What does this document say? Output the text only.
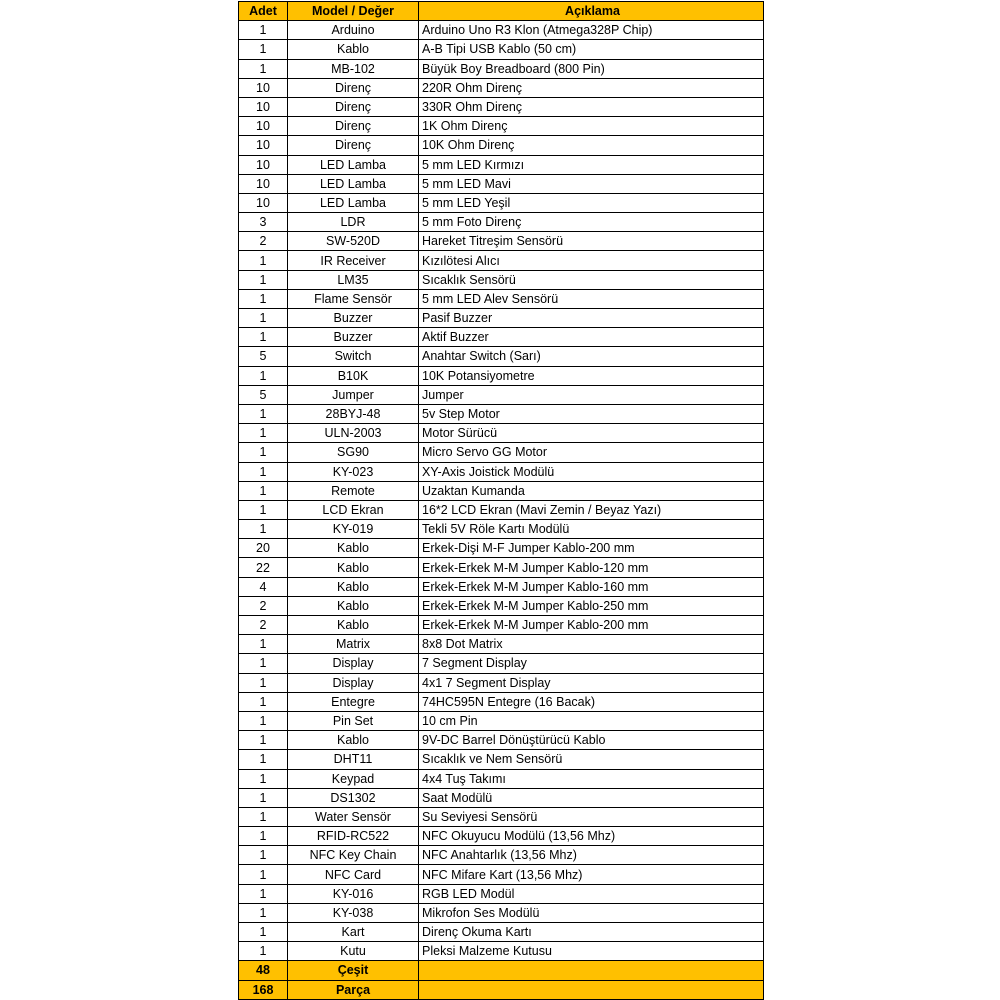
Adet	Model / Değer	Açıklama
1	Arduino	Arduino Uno R3 Klon (Atmega328P Chip)
1	Kablo	A-B Tipi USB Kablo (50 cm)
1	MB-102	Büyük Boy Breadboard (800 Pin)
10	Direnç	220R Ohm Direnç
10	Direnç	330R Ohm Direnç
10	Direnç	1K Ohm Direnç
10	Direnç	10K Ohm Direnç
10	LED Lamba	5 mm LED Kırmızı
10	LED Lamba	5 mm LED Mavi
10	LED Lamba	5 mm LED Yeşil
3	LDR	5 mm Foto Direnç
2	SW-520D	Hareket Titreşim Sensörü
1	IR Receiver	Kızılötesi Alıcı
1	LM35	Sıcaklık Sensörü
1	Flame Sensör	5 mm LED Alev Sensörü
1	Buzzer	Pasif Buzzer
1	Buzzer	Aktif Buzzer
5	Switch	Anahtar Switch (Sarı)
1	B10K	10K Potansiyometre
5	Jumper	Jumper
1	28BYJ-48	5v Step Motor
1	ULN-2003	Motor Sürücü
1	SG90	Micro Servo GG Motor
1	KY-023	XY-Axis Joistick Modülü
1	Remote	Uzaktan Kumanda
1	LCD Ekran	16*2 LCD Ekran (Mavi Zemin / Beyaz Yazı)
1	KY-019	Tekli 5V Röle Kartı Modülü
20	Kablo	Erkek-Dişi M-F Jumper Kablo-200 mm
22	Kablo	Erkek-Erkek M-M Jumper Kablo-120 mm
4	Kablo	Erkek-Erkek M-M Jumper Kablo-160 mm
2	Kablo	Erkek-Erkek M-M Jumper Kablo-250 mm
2	Kablo	Erkek-Erkek M-M Jumper Kablo-200 mm
1	Matrix	8x8 Dot Matrix
1	Display	7 Segment Display
1	Display	4x1 7 Segment Display
1	Entegre	74HC595N Entegre (16 Bacak)
1	Pin Set	10 cm Pin
1	Kablo	9V-DC Barrel Dönüştürücü Kablo
1	DHT11	Sıcaklık ve Nem Sensörü
1	Keypad	4x4 Tuş Takımı
1	DS1302	Saat Modülü
1	Water Sensör	Su Seviyesi Sensörü
1	RFID-RC522	NFC Okuyucu Modülü (13,56 Mhz)
1	NFC Key Chain	NFC Anahtarlık (13,56 Mhz)
1	NFC Card	NFC Mifare Kart (13,56 Mhz)
1	KY-016	RGB LED Modül
1	KY-038	Mikrofon Ses Modülü
1	Kart	Direnç Okuma Kartı
1	Kutu	Pleksi Malzeme Kutusu
48	Çeşit	
168	Parça	
